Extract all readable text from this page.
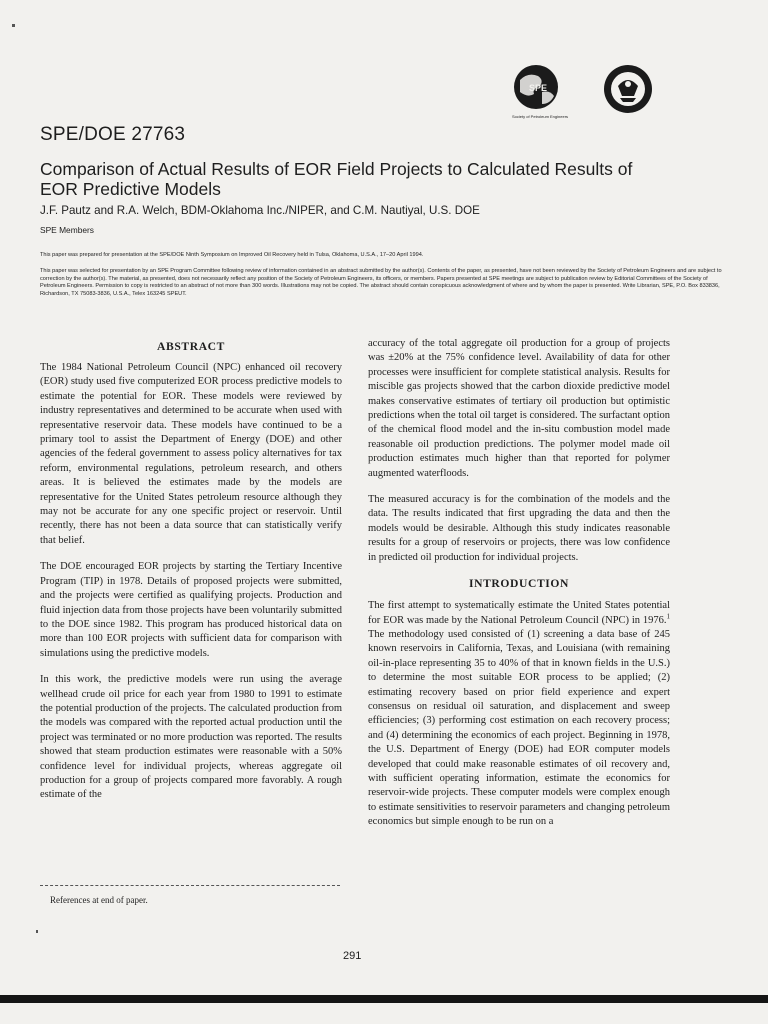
SPE
Society of Petroleum Engineers
SPE/DOE 27763
Comparison of Actual Results of EOR Field Projects to Calculated Results of EOR Predictive Models

J.F. Pautz and R.A. Welch, BDM-Oklahoma Inc./NIPER, and C.M. Nautiyal, U.S. DOE

SPE Members

This paper was prepared for presentation at the SPE/DOE Ninth Symposium on Improved Oil Recovery held in Tulsa, Oklahoma, U.S.A., 17–20 April 1994.

This paper was selected for presentation by an SPE Program Committee following review of information contained in an abstract submitted by the author(s). Contents of the paper, as presented, have not been reviewed by the Society of Petroleum Engineers and are subject to correction by the author(s). The material, as presented, does not necessarily reflect any position of the Society of Petroleum Engineers, its officers, or members. Papers presented at SPE meetings are subject to publication review by Editorial Committees of the Society of Petroleum Engineers. Permission to copy is restricted to an abstract of not more than 300 words. Illustrations may not be copied. The abstract should contain conspicuous acknowledgment of where and by whom the paper is presented. Write Librarian, SPE, P.O. Box 833836, Richardson, TX 75083-3836, U.S.A., Telex 163245 SPEUT.

ABSTRACT

The 1984 National Petroleum Council (NPC) enhanced oil recovery (EOR) study used five computerized EOR process predictive models to estimate the potential for EOR. These models were reviewed by industry representatives and determined to be accurate when used with representative reservoir data. These models have continued to be a primary tool to assist the Department of Energy (DOE) and other agencies of the federal government to assess policy alternatives for tax reform, environmental regulations, petroleum research, and others areas. It is believed the estimates made by the models are representative for the United States petroleum resource although they may not be accurate for any one specific project or reservoir. Until recently, there has not been a data source that can statistically verify that belief.

The DOE encouraged EOR projects by starting the Tertiary Incentive Program (TIP) in 1978. Details of proposed projects were submitted, and the projects were certified as qualifying projects. Production and fluid injection data from those projects have been voluntarily submitted to the DOE since 1982. This program has produced historical data on more than 100 EOR projects with sufficient data for comparison with simulations using the predictive models.

In this work, the predictive models were run using the average wellhead crude oil price for each year from 1980 to 1991 to estimate the potential production of the projects. The calculated production from the models was compared with the reported actual production until the project was terminated or no more production was reported. The results showed that steam production estimates were reasonable with a 50% confidence level for individual projects, whereas aggregate oil production for a group of projects compared more favorably. A rough estimate of the

accuracy of the total aggregate oil production for a group of projects was ±20% at the 75% confidence level. Availability of data for other processes were insufficient for complete statistical analysis. Results for miscible gas projects showed that the carbon dioxide predictive model makes conservative estimates of tertiary oil production but optimistic predictions when the total oil target is considered. The surfactant option of the chemical flood model and the in-situ combustion model made reasonable oil production predictions. The polymer model made oil production estimates much higher than that reported for polymer augmented waterfloods.

The measured accuracy is for the combination of the models and the data. The results indicated that first upgrading the data and then the models would be desirable. Although this study indicates reasonable results for a group of reservoirs or projects, there was low confidence in predicted oil production for individual projects.

INTRODUCTION

The first attempt to systematically estimate the United States potential for EOR was made by the National Petroleum Council (NPC) in 1976.$^1$ The methodology used consisted of (1) screening a data base of 245 known reservoirs in California, Texas, and Louisiana (with remaining oil-in-place representing 35 to 40% of that in known fields in the U.S.) to determine the most suitable EOR process to be applied; (2) estimating recovery based on prior field experience and expert consensus on residual oil saturation, and displacement and sweep efficiencies; (3) performing cost estimation on each recovery process; and (4) determining the economics of each project. Beginning in 1978, the U.S. Department of Energy (DOE) had EOR computer models developed that could make reasonable estimates of oil recovery and, with sufficient operating information, estimate the economics for reservoir-wide projects. These computer models were complex enough to estimate sensitivities to reservoir parameters and changing petroleum economics but simple enough to be run on a

References at end of paper.

291
